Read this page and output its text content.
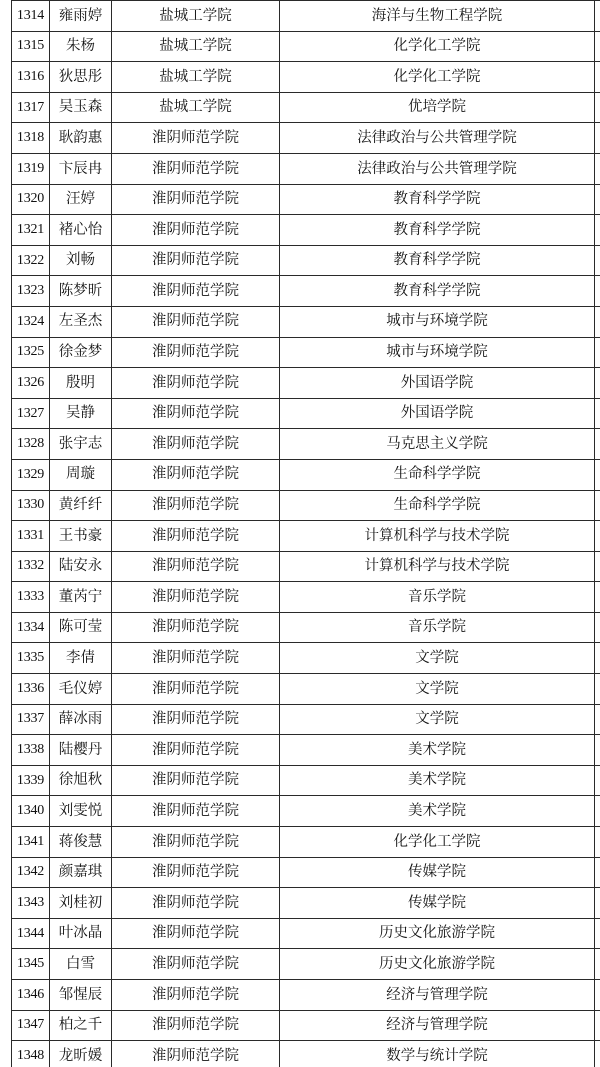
1314	雍雨婷	盐城工学院	海洋与生物工程学院	
1315	朱杨	盐城工学院	化学化工学院	
1316	狄思彤	盐城工学院	化学化工学院	
1317	吴玉森	盐城工学院	优培学院	
1318	耿韵惠	淮阴师范学院	法律政治与公共管理学院	
1319	卞辰冉	淮阴师范学院	法律政治与公共管理学院	
1320	汪婷	淮阴师范学院	教育科学学院	
1321	褚心怡	淮阴师范学院	教育科学学院	
1322	刘畅	淮阴师范学院	教育科学学院	
1323	陈梦昕	淮阴师范学院	教育科学学院	
1324	左圣杰	淮阴师范学院	城市与环境学院	
1325	徐金梦	淮阴师范学院	城市与环境学院	
1326	殷明	淮阴师范学院	外国语学院	
1327	吴静	淮阴师范学院	外国语学院	
1328	张宇志	淮阴师范学院	马克思主义学院	
1329	周璇	淮阴师范学院	生命科学学院	
1330	黄纤纤	淮阴师范学院	生命科学学院	
1331	王书豪	淮阴师范学院	计算机科学与技术学院	
1332	陆安永	淮阴师范学院	计算机科学与技术学院	
1333	董芮宁	淮阴师范学院	音乐学院	
1334	陈可莹	淮阴师范学院	音乐学院	
1335	李倩	淮阴师范学院	文学院	
1336	毛仪婷	淮阴师范学院	文学院	
1337	薛冰雨	淮阴师范学院	文学院	
1338	陆樱丹	淮阴师范学院	美术学院	
1339	徐旭秋	淮阴师范学院	美术学院	
1340	刘雯悦	淮阴师范学院	美术学院	
1341	蒋俊慧	淮阴师范学院	化学化工学院	
1342	颜嘉琪	淮阴师范学院	传媒学院	
1343	刘桂初	淮阴师范学院	传媒学院	
1344	叶冰晶	淮阴师范学院	历史文化旅游学院	
1345	白雪	淮阴师范学院	历史文化旅游学院	
1346	邹惺辰	淮阴师范学院	经济与管理学院	
1347	柏之千	淮阴师范学院	经济与管理学院	
1348	龙昕媛	淮阴师范学院	数学与统计学院	
